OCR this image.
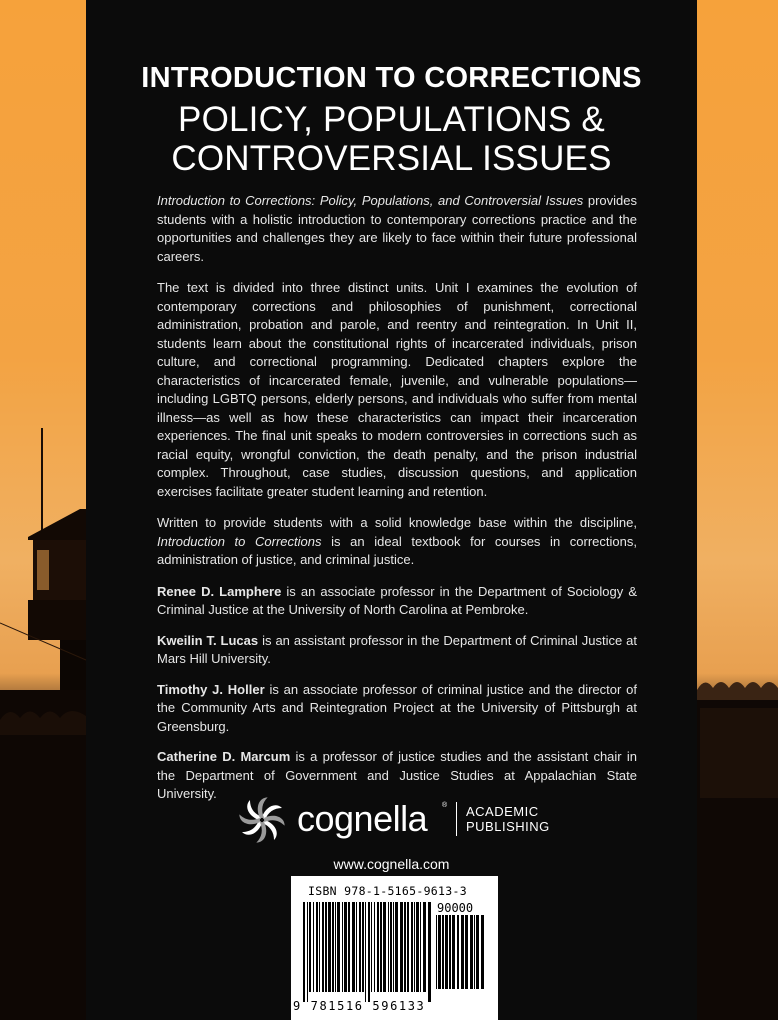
INTRODUCTION TO CORRECTIONS
POLICY, POPULATIONS &
CONTROVERSIAL ISSUES

Introduction to Corrections: Policy, Populations, and Controversial Issues provides students with a holistic introduction to contemporary corrections practice and the opportunities and challenges they are likely to face within their future professional careers.

The text is divided into three distinct units. Unit I examines the evolution of contemporary corrections and philosophies of punishment, correctional administration, probation and parole, and reentry and reintegration. In Unit II, students learn about the constitutional rights of incarcerated individuals, prison culture, and correctional programming. Dedicated chapters explore the characteristics of incarcerated female, juvenile, and vulnerable populations—including LGBTQ persons, elderly persons, and individuals who suffer from mental illness—as well as how these characteristics can impact their incarceration experiences. The final unit speaks to modern controversies in corrections such as racial equity, wrongful conviction, the death penalty, and the prison industrial complex. Throughout, case studies, discussion questions, and application exercises facilitate greater student learning and retention.

Written to provide students with a solid knowledge base within the discipline, Introduction to Corrections is an ideal textbook for courses in corrections, administration of justice, and criminal justice.

Renee D. Lamphere is an associate professor in the Department of Sociology & Criminal Justice at the University of North Carolina at Pembroke.

Kweilin T. Lucas is an assistant professor in the Department of Criminal Justice at Mars Hill University.

Timothy J. Holler is an associate professor of criminal justice and the director of the Community Arts and Reintegration Project at the University of Pittsburgh at Greensburg.

Catherine D. Marcum is a professor of justice studies and the assistant chair in the Department of Government and Justice Studies at Appalachian State University.

cognella ® ACADEMIC
PUBLISHING
www.cognella.com
ISBN 978-1-5165-9613-3
90000
9 781516 596133
